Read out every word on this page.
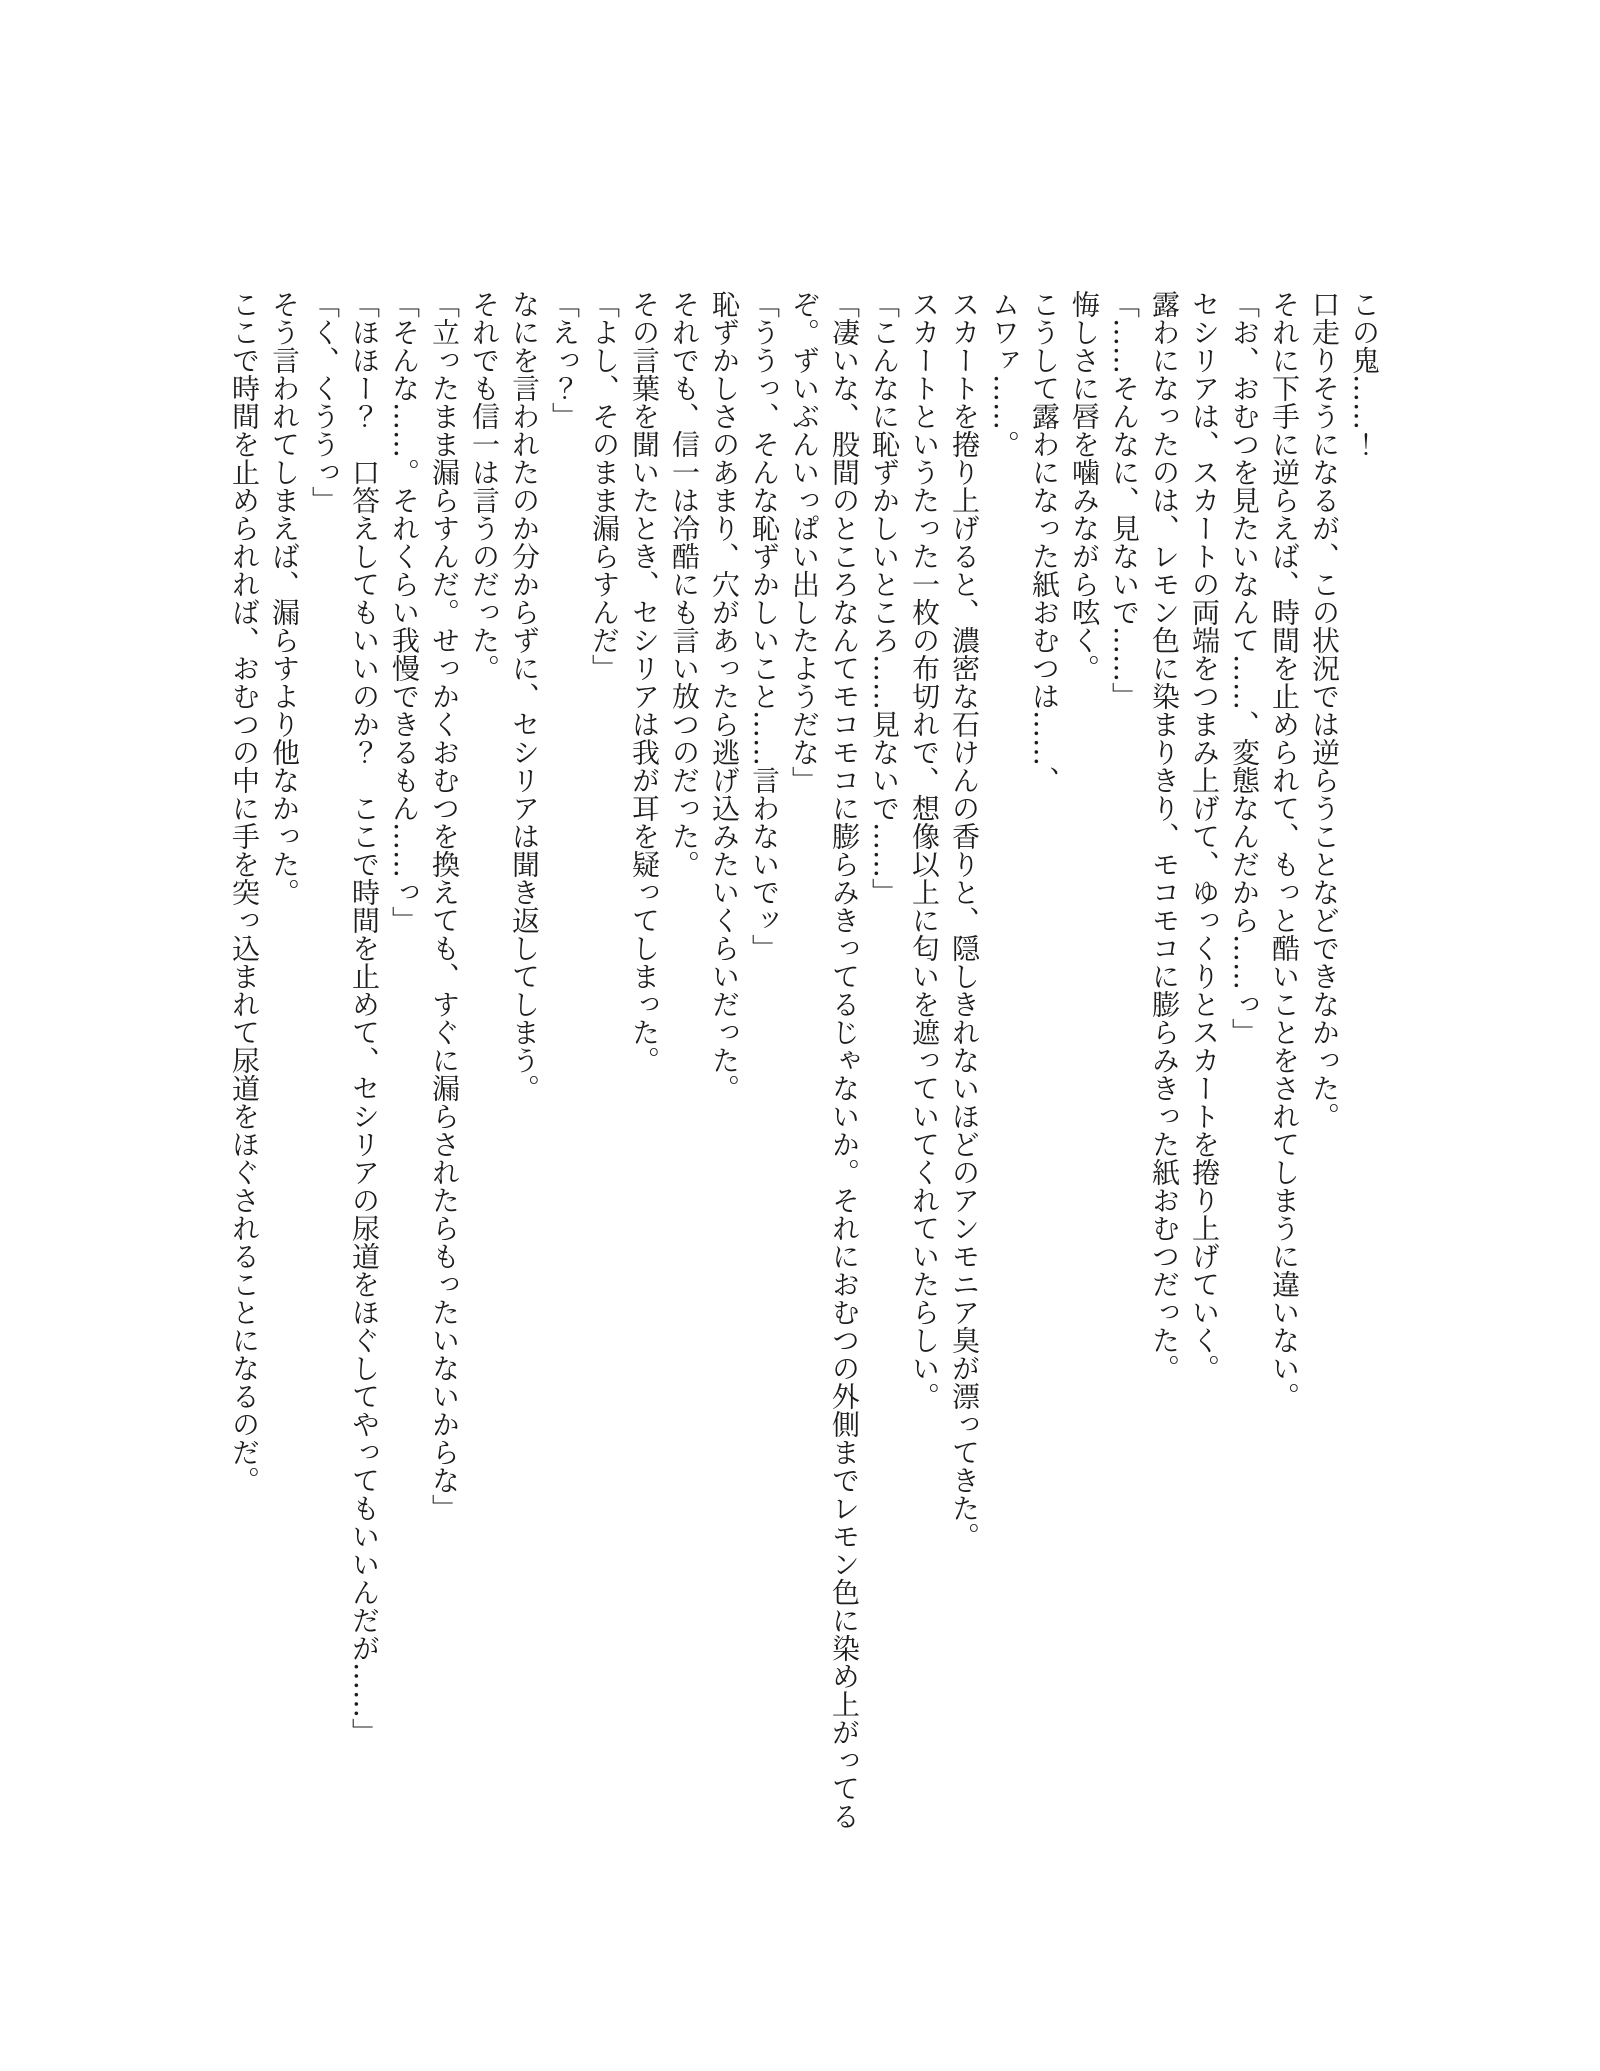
この鬼……！

口走りそうになるが、この状況では逆らうことなどできなかった。

それに下手に逆らえば、時間を止められて、もっと酷いことをされてしまうに違いない。

「お、おむつを見たいなんて……、変態なんだから……っ」

セシリアは、スカートの両端をつまみ上げて、ゆっくりとスカートを捲り上げていく。

露わになったのは、レモン色に染まりきり、モコモコに膨らみきった紙おむつだった。

「……そんなに、見ないで……」

悔しさに唇を噛みながら呟く。

こうして露わになった紙おむつは……、

ムワァ……。

スカートを捲り上げると、濃密な石けんの香りと、隠しきれないほどのアンモニア臭が漂ってきた。

スカートというたった一枚の布切れで、想像以上に匂いを遮っていてくれていたらしい。

「こんなに恥ずかしいところ……見ないで……」

「凄いな、股間のところなんてモコモコに膨らみきってるじゃないか。それにおむつの外側までレモン色に染め上がってるぞ。ずいぶんいっぱい出したようだな」

「ううっ、そんな恥ずかしいこと……言わないでッ」

恥ずかしさのあまり、穴があったら逃げ込みたいくらいだった。

それでも、信一は冷酷にも言い放つのだった。

その言葉を聞いたとき、セシリアは我が耳を疑ってしまった。

「よし、そのまま漏らすんだ」

「えっ？」

なにを言われたのか分からずに、セシリアは聞き返してしまう。

それでも信一は言うのだった。

「立ったまま漏らすんだ。せっかくおむつを換えても、すぐに漏らされたらもったいないからな」

「そんな……。それくらい我慢できるもん……っ」

「ほほー？　口答えしてもいいのか？　ここで時間を止めて、セシリアの尿道をほぐしてやってもいいんだが……」

「く、くううっ」

そう言われてしまえば、漏らすより他なかった。

ここで時間を止められれば、おむつの中に手を突っ込まれて尿道をほぐされることになるのだ。
